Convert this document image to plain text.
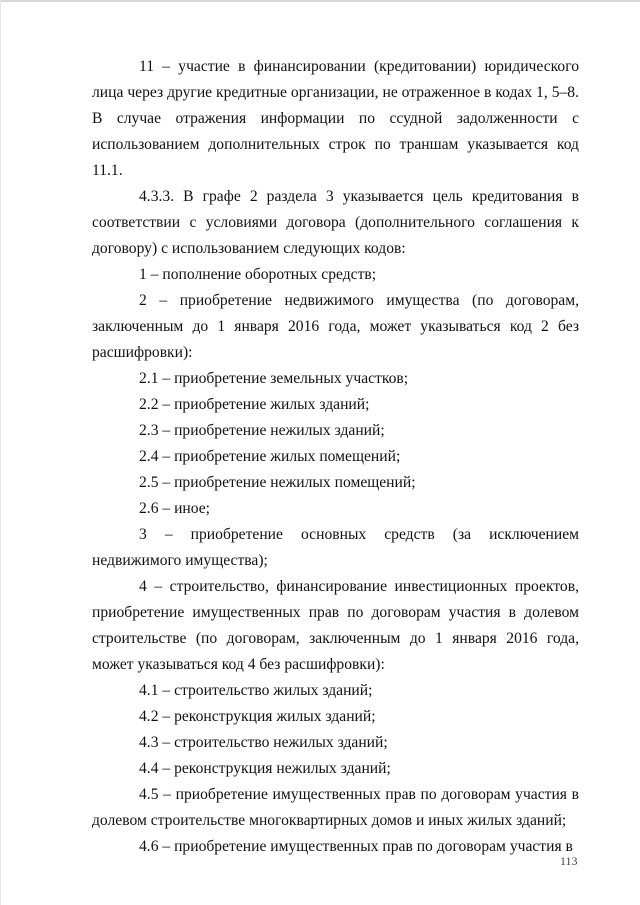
11 – участие в финансировании (кредитовании) юридического лица через другие кредитные организации, не отраженное в кодах 1, 5–8. В случае отражения информации по ссудной задолженности с использованием дополнительных строк по траншам указывается код 11.1.

4.3.3. В графе 2 раздела 3 указывается цель кредитования в соответствии с условиями договора (дополнительного соглашения к договору) с использованием следующих кодов:

1 – пополнение оборотных средств;

2 – приобретение недвижимого имущества (по договорам, заключенным до 1 января 2016 года, может указываться код 2 без расшифровки):

2.1 – приобретение земельных участков;

2.2 – приобретение жилых зданий;

2.3 – приобретение нежилых зданий;

2.4 – приобретение жилых помещений;

2.5 – приобретение нежилых помещений;

2.6 – иное;

3 – приобретение основных средств (за исключением недвижимого имущества);

4 – строительство, финансирование инвестиционных проектов, приобретение имущественных прав по договорам участия в долевом строительстве (по договорам, заключенным до 1 января 2016 года, может указываться код 4 без расшифровки):

4.1 – строительство жилых зданий;

4.2 – реконструкция жилых зданий;

4.3 – строительство нежилых зданий;

4.4 – реконструкция нежилых зданий;

4.5 – приобретение имущественных прав по договорам участия в долевом строительстве многоквартирных домов и иных жилых зданий;

4.6 – приобретение имущественных прав по договорам участия в

113
